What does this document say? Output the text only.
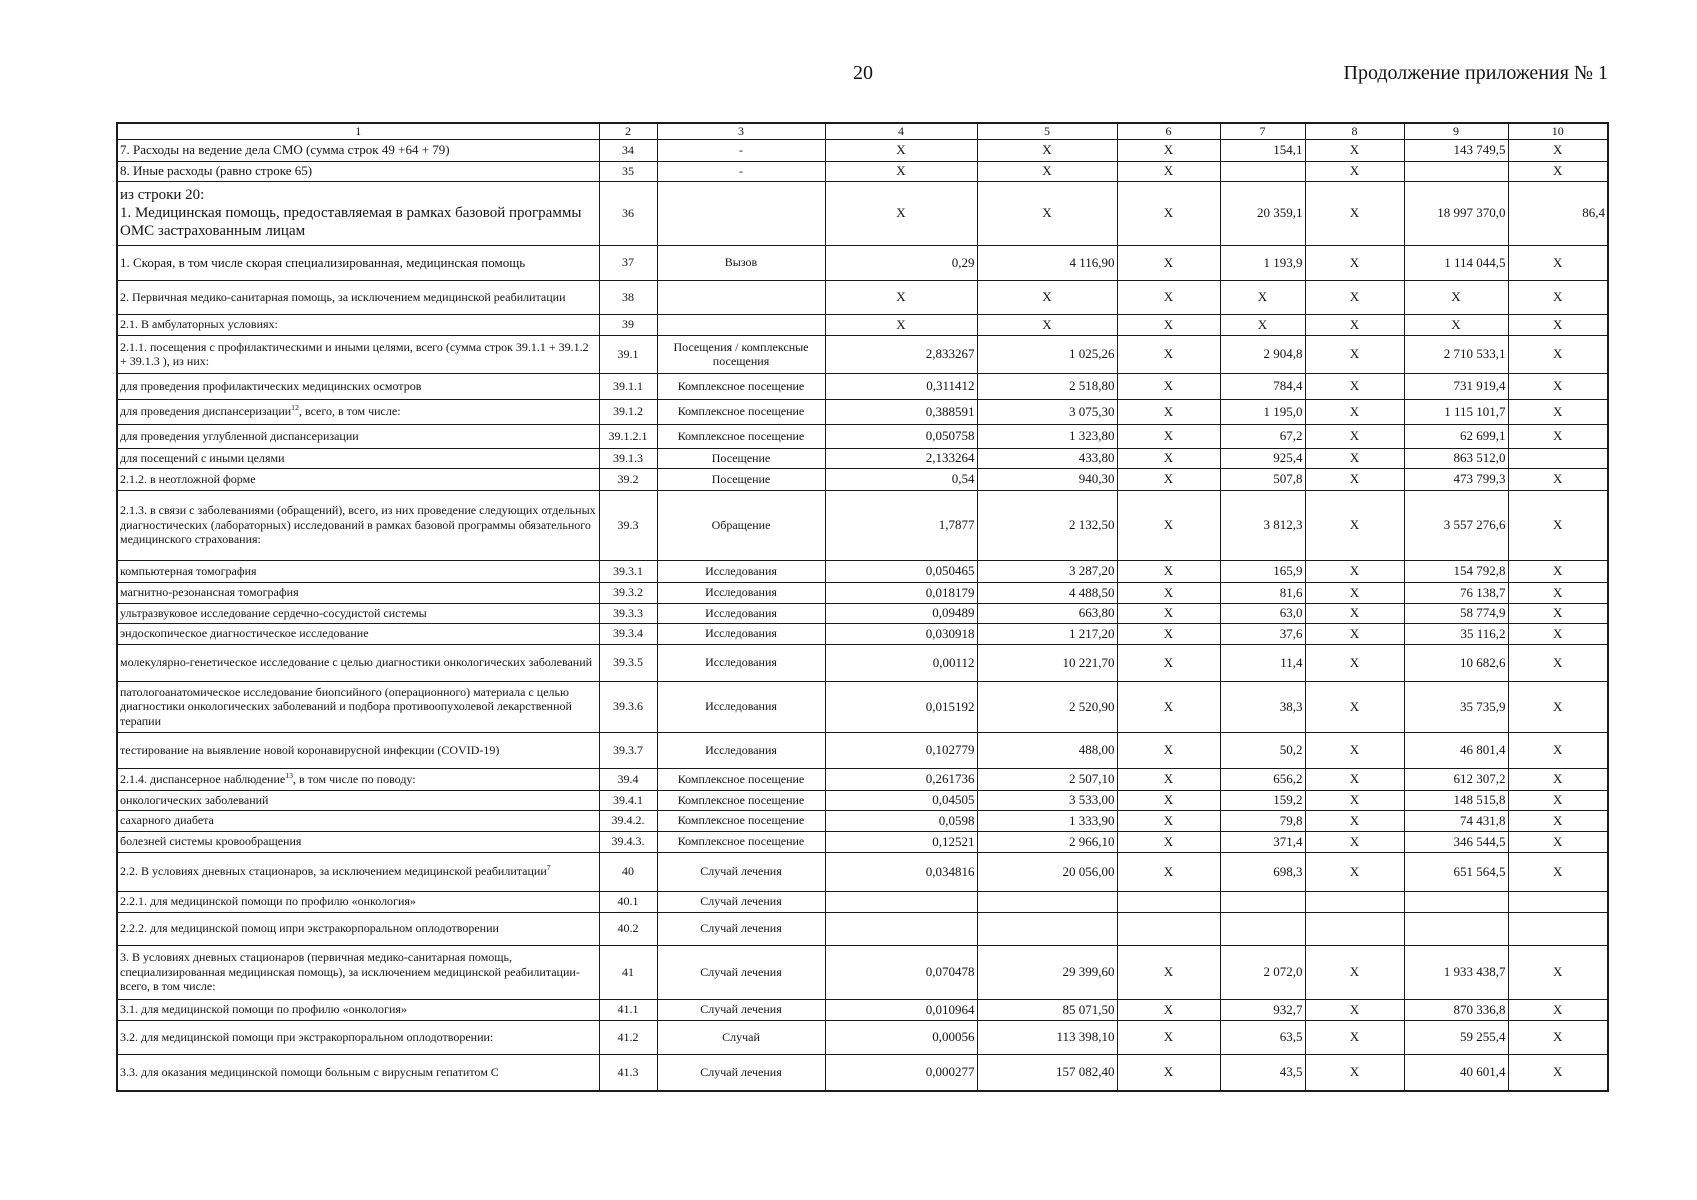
20	Продолжение приложения № 1
1	2	3	4	5	6	7	8	9	10
7. Расходы на ведение дела СМО (сумма строк 49 +64 + 79)	34	-	X	X	X	154,1	X	143 749,5	X
8. Иные расходы (равно строке 65)	35	-	X	X	X		X		X

из строки 20:
1. Медицинская помощь, предоставляемая в рамках базовой программы ОМС застрахованным лицам	36		X	X	X	20 359,1	X	18 997 370,0	86,4
1. Скорая, в том числе скорая специализированная, медицинская помощь	37	Вызов	0,29	4 116,90	X	1 193,9	X	1 114 044,5	X
2. Первичная медико-санитарная помощь, за исключением медицинской реабилитации	38		X	X	X	X	X	X	X
2.1. В амбулаторных условиях:	39		X	X	X	X	X	X	X
2.1.1. посещения с профилактическими и иными целями, всего (сумма строк 39.1.1 + 39.1.2 + 39.1.3 ), из них:	39.1	Посещения / комплексные посещения	2,833267	1 025,26	X	2 904,8	X	2 710 533,1	X
для проведения профилактических медицинских осмотров	39.1.1	Комплексное посещение	0,311412	2 518,80	X	784,4	X	731 919,4	X

для проведения диспансеризации$^{12}$, всего, в том числе:	39.1.2	Комплексное посещение	0,388591	3 075,30	X	1 195,0	X	1 115 101,7	X
для проведения углубленной диспансеризации	39.1.2.1	Комплексное посещение	0,050758	1 323,80	X	67,2	X	62 699,1	X
для посещений с иными целями	39.1.3	Посещение	2,133264	433,80	X	925,4	X	863 512,0	
2.1.2. в неотложной форме	39.2	Посещение	0,54	940,30	X	507,8	X	473 799,3	X
2.1.3. в связи с заболеваниями (обращений), всего, из них проведение следующих отдельных диагностических (лабораторных) исследований в рамках базовой программы обязательного медицинского страхования:	39.3	Обращение	1,7877	2 132,50	X	3 812,3	X	3 557 276,6	X
компьютерная томография	39.3.1	Исследования	0,050465	3 287,20	X	165,9	X	154 792,8	X
магнитно-резонансная томография	39.3.2	Исследования	0,018179	4 488,50	X	81,6	X	76 138,7	X
ультразвуковое исследование сердечно-сосудистой системы	39.3.3	Исследования	0,09489	663,80	X	63,0	X	58 774,9	X
эндоскопическое диагностическое исследование	39.3.4	Исследования	0,030918	1 217,20	X	37,6	X	35 116,2	X
молекулярно-генетическое исследование с целью диагностики онкологических заболеваний	39.3.5	Исследования	0,00112	10 221,70	X	11,4	X	10 682,6	X
патологоанатомическое исследование биопсийного (операционного) материала с целью диагностики онкологических заболеваний и подбора противоопухолевой лекарственной терапии	39.3.6	Исследования	0,015192	2 520,90	X	38,3	X	35 735,9	X
тестирование на выявление новой коронавирусной инфекции (COVID-19)	39.3.7	Исследования	0,102779	488,00	X	50,2	X	46 801,4	X

2.1.4. диспансерное наблюдение$^{13}$, в том числе по поводу:	39.4	Комплексное посещение	0,261736	2 507,10	X	656,2	X	612 307,2	X
онкологических заболеваний	39.4.1	Комплексное посещение	0,04505	3 533,00	X	159,2	X	148 515,8	X
сахарного диабета	39.4.2.	Комплексное посещение	0,0598	1 333,90	X	79,8	X	74 431,8	X
болезней системы кровообращения	39.4.3.	Комплексное посещение	0,12521	2 966,10	X	371,4	X	346 544,5	X

2.2. В условиях дневных стационаров, за исключением медицинской реабилитации$^7$	40	Случай лечения	0,034816	20 056,00	X	698,3	X	651 564,5	X
2.2.1. для медицинской помощи по профилю «онкология»	40.1	Случай лечения							
2.2.2. для медицинской помощ ипри экстракорпоральном оплодотворении	40.2	Случай лечения							
3. В условиях дневных стационаров (первичная медико-санитарная помощь, специализированная медицинская помощь), за исключением медицинской реабилитации-всего, в том числе:	41	Случай лечения	0,070478	29 399,60	X	2 072,0	X	1 933 438,7	X
3.1. для медицинской помощи по профилю «онкология»	41.1	Случай лечения	0,010964	85 071,50	X	932,7	X	870 336,8	X
3.2. для медицинской помощи при экстракорпоральном оплодотворении:	41.2	Случай	0,00056	113 398,10	X	63,5	X	59 255,4	X
3.3. для оказания медицинской помощи больным с вирусным гепатитом С	41.3	Случай лечения	0,000277	157 082,40	X	43,5	X	40 601,4	X
